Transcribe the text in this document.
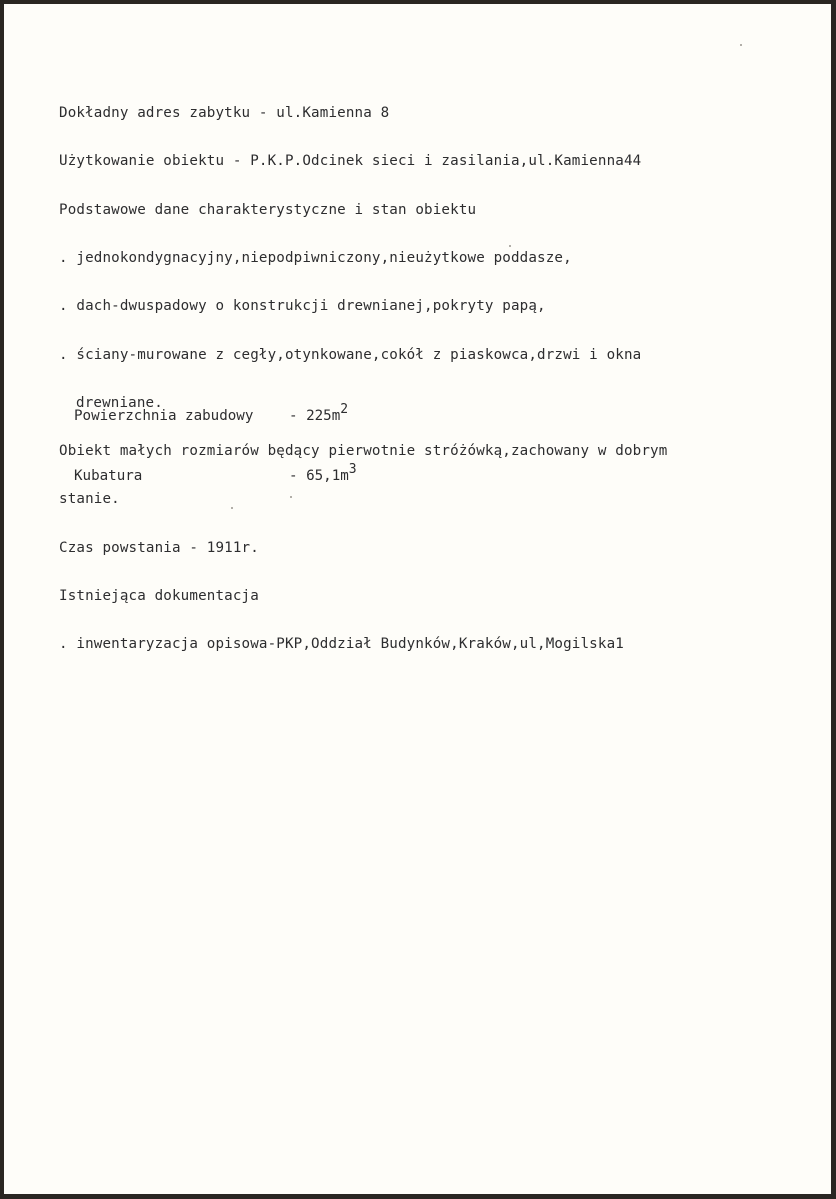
Dokładny adres zabytku - ul.Kamienna 8

Użytkowanie obiektu - P.K.P.Odcinek sieci i zasilania,ul.Kamienna44

Podstawowe dane charakterystyczne i stan obiektu

. jednokondygnacyjny,niepodpiwniczony,nieużytkowe poddasze,

. dach-dwuspadowy o konstrukcji drewnianej,pokryty papą,

. ściany-murowane z cegły,otynkowane,cokół z piaskowca,drzwi i okna

drewniane.

Obiekt małych rozmiarów będący pierwotnie stróżówką,zachowany w dobrym

stanie.

Czas powstania - 1911r.

Istniejąca dokumentacja

. inwentaryzacja opisowa-PKP,Oddział Budynków,Kraków,ul,Mogilska1

Powierzchnia zabudowy

	- $225m^2$

Kubatura

	- $65,1m^3$
